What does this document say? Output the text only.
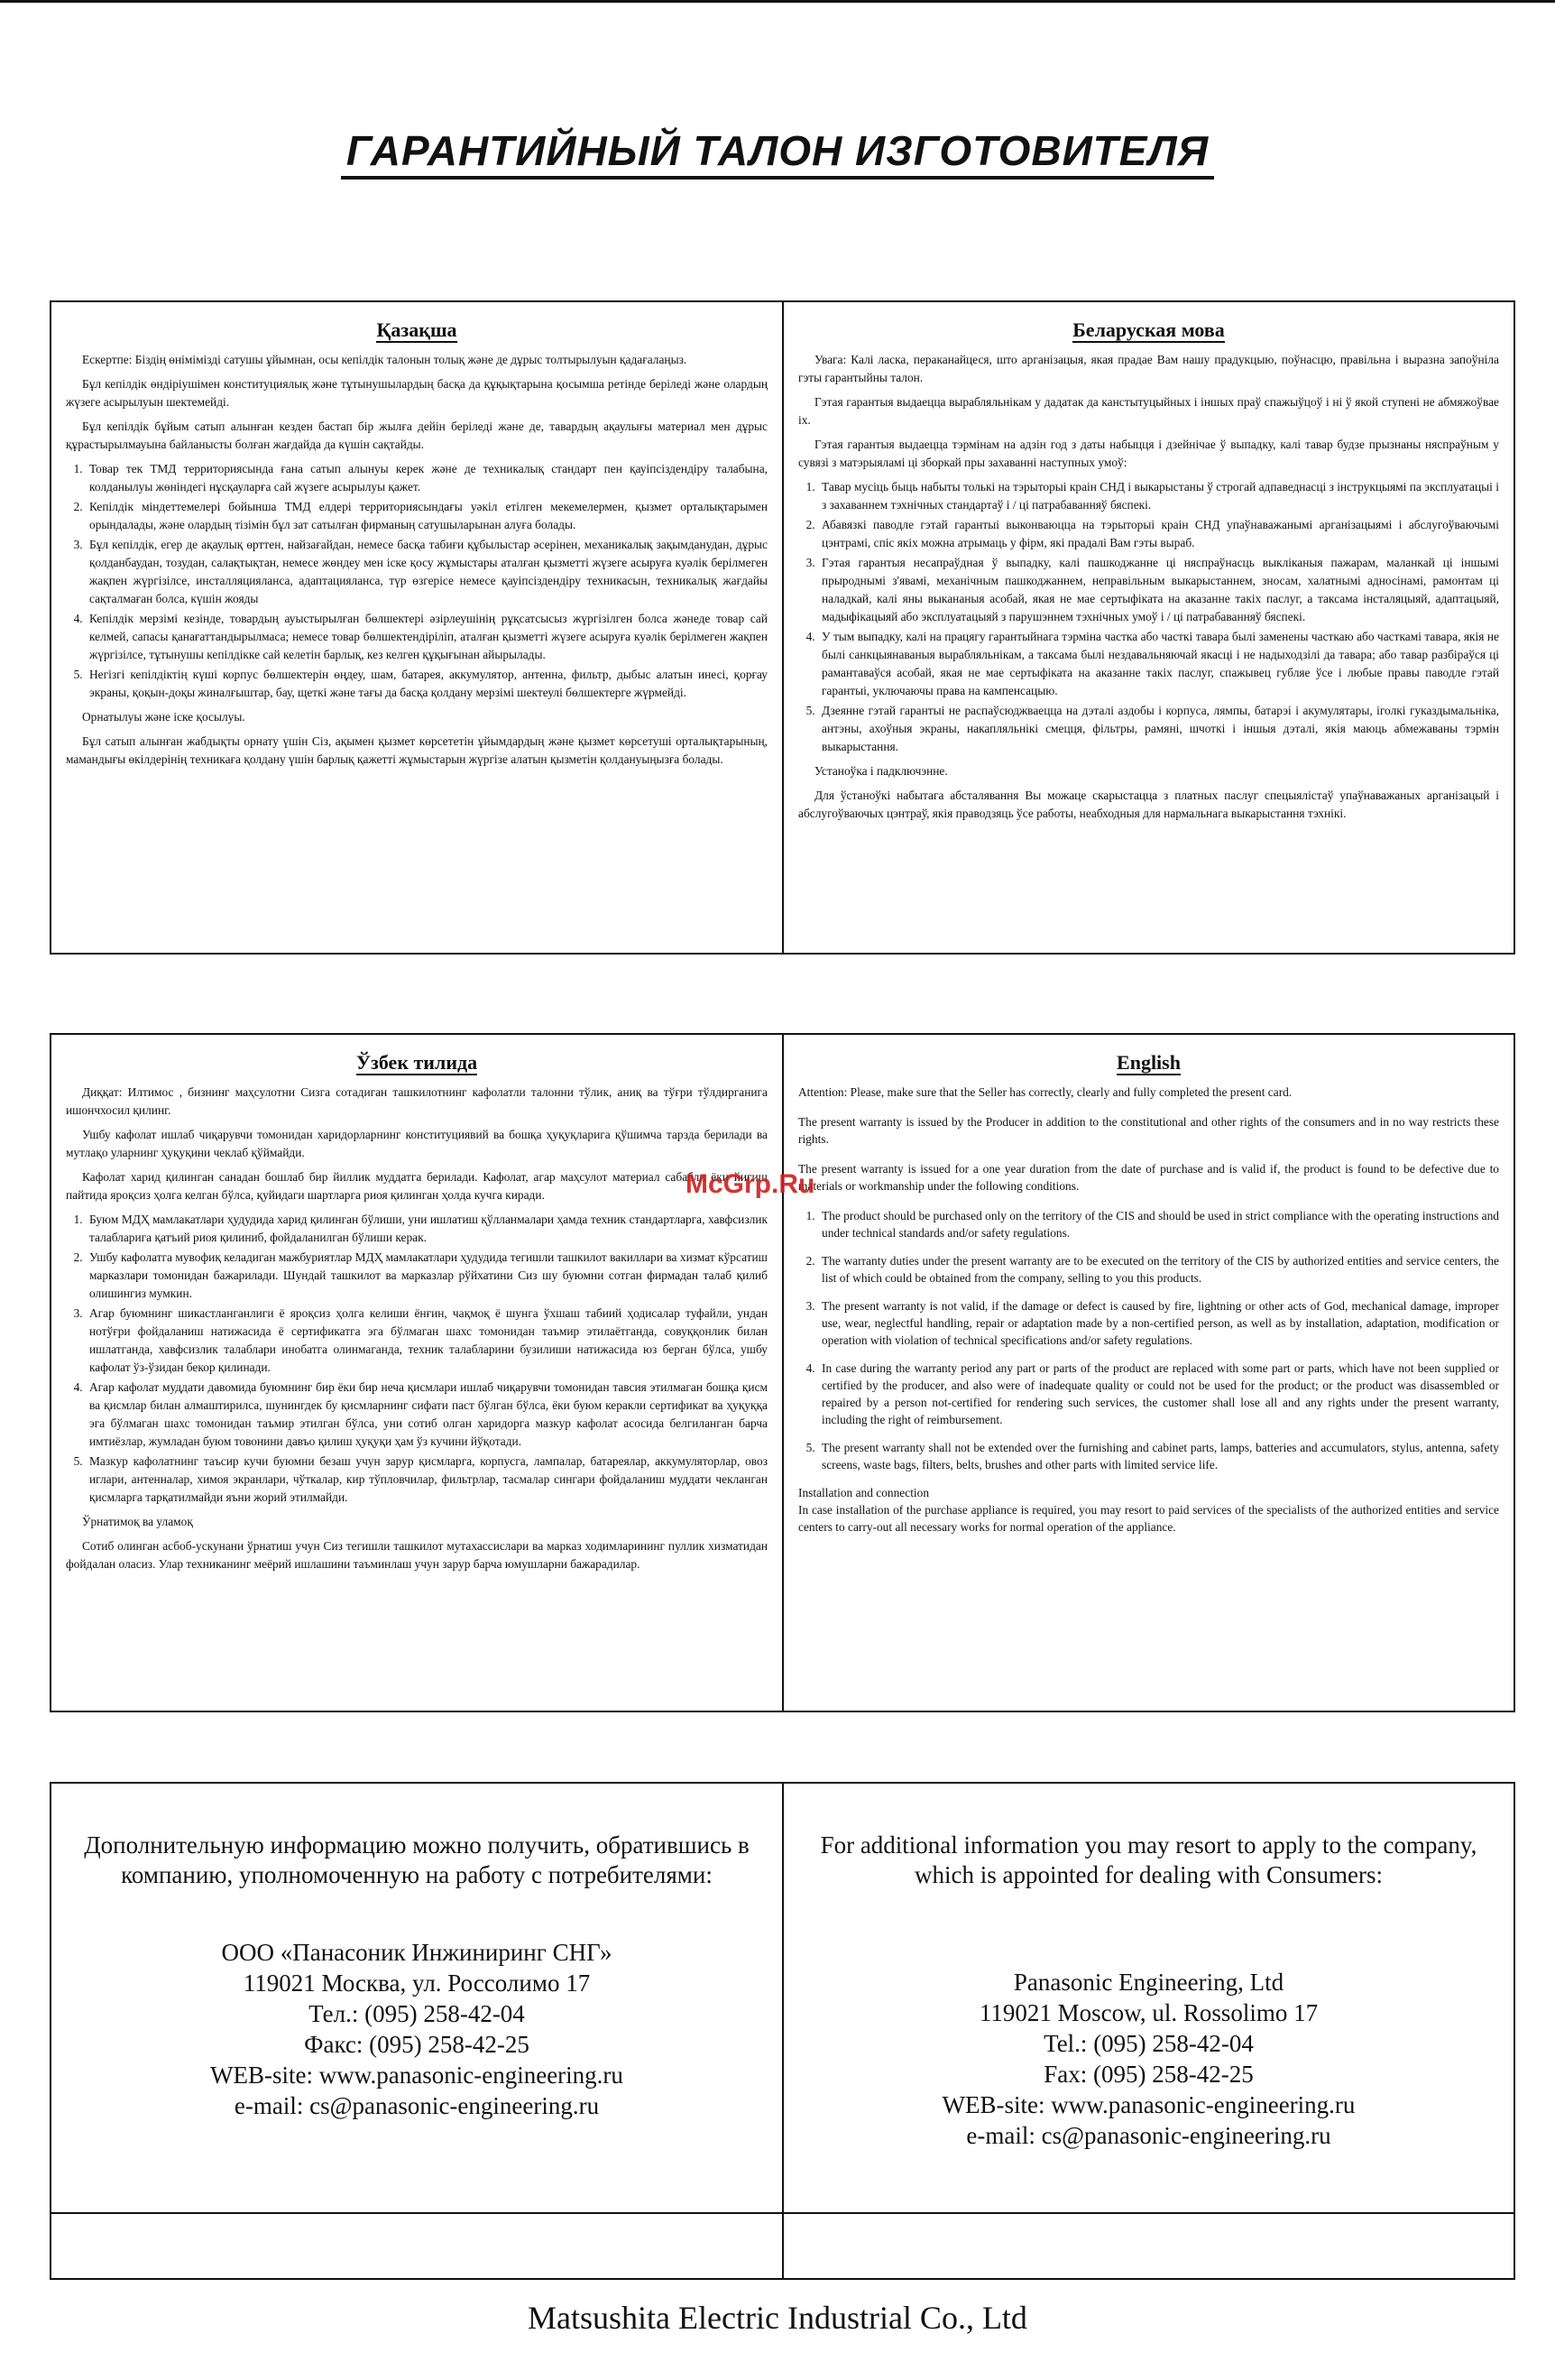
ГАРАНТИЙНЫЙ ТАЛОН ИЗГОТОВИТЕЛЯ
Қазақша

Ескертпе: Біздің өнімімізді сатушы ұйымнан, осы кепілдік талонын толық және де дұрыс толтырылуын қадағалаңыз.

Бұл кепілдік өндіріушімен конституциялық және тұтынушылардың басқа да құқықтарына қосымша ретінде беріледі және олардың жүзеге асырылуын шектемейді.

Бұл кепілдік бұйым сатып алынған кезден бастап бір жылға дейін беріледі және де, тавардың ақаулығы материал мен дұрыс құрастырылмауына байланысты болған жағдайда да күшін сақтайды.

1. Товар тек ТМД территориясында ғана сатып алынуы керек және де техникалық стандарт пен қауіпсіздендіру талабына, колданылуы жөніндегі нұсқауларға сай жүзеге асырылуы қажет.
2. Кепілдік міндеттемелері бойынша ТМД елдері территориясындағы уәкіл етілген мекемелермен, қызмет орталықтарымен орындалады, және олардың тізімін бұл зат сатылған фирманың сатушыларынан алуға болады.
3. Бұл кепілдік, егер де ақаулық өрттен, найзағайдан, немесе басқа табиғи құбылыстар әсерінен, механикалық зақымданудан, дұрыс қолданбаудан, тозудан, салақтықтан, немесе жөндеу мен іске қосу жұмыстары аталған қызметті жүзеге асыруға куәлік берілмеген жақпен жүргізілсе, инсталляцияланса, адаптацияланса, түр өзгерісе немесе қауіпсіздендіру техникасын, техникалық жағдайы сақталмаған болса, күшін жояды
4. Кепілдік мерзімі кезінде, товардың ауыстырылған бөлшектері әзірлеушінің рұқсатсысыз жүргізілген болса жәнеде товар сай келмей, сапасы қанағаттандырылмаса; немесе товар бөлшектендіріліп, аталған қызметті жүзеге асыруға куәлік берілмеген жақпен жүргізілсе, тұтынушы кепілдікке сай келетін барлық, кез келген құқығынан айырылады.
5. Негізгі кепілдіктің күші корпус бөлшектерін өңдеу, шам, батарея, аккумулятор, антенна, фильтр, дыбыс алатын инесі, қорғау экраны, қоқын-доқы жиналғыштар, бау, щеткі және тағы да басқа қолдану мерзімі шектеулі бөлшектерге жүрмейді.

Орнатылуы және іске қосылуы.

Бұл сатып алынған жабдықты орнату үшін Сіз, ақымен қызмет көрсететін ұйымдардың және қызмет көрсетуші орталықтарының, мамандығы өкілдерінің техникаға қолдану үшін барлық қажетті жұмыстарын жүргізе алатын қызметін қолдануыңызға болады.

Беларуская мова

Увага: Калі ласка, пераканайцеся, што арганізацыя, якая прадае Вам нашу прадукцыю, поўнасцю, правільна і выразна запоўніла гэты гарантыйны талон.

Гэтая гарантыя выдаецца вырабляльнікам у дадатак да канстытуцыйных і іншых праў спажыўцоў і ні ў якой ступені не абмяжоўвае іх.

Гэтая гарантыя выдаецца тэрмінам на адзін год з даты набыцця і дзейнічае ў выпадку, калі тавар будзе прызнаны няспраўным у сувязі з матэрыяламі ці зборкай пры захаванні наступных умоў:

1. Тавар мусіць быць набыты толькі на тэрыторыі краін СНД і выкарыстаны ў строгай адпаведнасці з інструкцыямі па эксплуатацыі і з захаваннем тэхнічных стандартаў і / ці патрабаванняў бяспекі.
2. Абавязкі паводле гэтай гарантыі выконваюцца на тэрыторыі краін СНД упаўнаважанымі арганізацыямі і абслугоўваючымі цэнтрамі, спіс якіх можна атрымаць у фірм, які прадалі Вам гэты выраб.
3. Гэтая гарантыя несапраўдная ў выпадку, калі пашкоджанне ці няспраўнасць выкліканыя пажарам, маланкай ці іншымі прыроднымі з'явамі, механічным пашкоджаннем, неправільным выкарыстаннем, зносам, халатнымі адносінамі, рамонтам ці наладкай, калі яны выкананыя асобай, якая не мае сертыфіката на аказанне такіх паслуг, а таксама інсталяцыяй, адаптацыяй, мадыфікацыяй або эксплуатацыяй з парушэннем тэхнічных умоў і / ці патрабаванняў бяспекі.
4. У тым выпадку, калі на працягу гарантыйнага тэрміна частка або часткі тавара былі заменены часткаю або часткамі тавара, якія не былі санкцыянаваныя вырабляльнікам, а таксама былі нездавальняючай якасці і не надыходзілі да тавара; або тавар разбіраўся ці рамантаваўся асобай, якая не мае сертыфіката на аказанне такіх паслуг, спажывец губляе ўсе і любые правы паводле гэтай гарантыі, уключаючы правa на кампенсацыю.
5. Дзеянне гэтай гарантыі не распаўсюджваецца на дэталі аздобы і корпуса, лямпы, батарэі і акумулятары, іголкі гуказдымальніка, антэны, ахоўныя экраны, накапляльнікі смецця, фільтры, рамяні, шчоткі і іншыя дэталі, якія маюць абмежаваны тэрмін выкарыстання.

Устаноўка і падключэнне.

Для ўстаноўкі набытага абсталявання Вы можаце скарыстацца з платных паслуг спецыялістаў упаўнаважаных арганізацый і абслугоўваючых цэнтраў, якія праводзяць ўсе работы, неабходныя для нармальнага выкарыстання тэхнікі.

Ўзбек тилида

Диққат: Илтимос , бизнинг маҳсулотни Сизга сотадиган ташкилотнинг кафолатли талонни тўлик, аниқ ва тўғри тўлдирганига ишончхосил қилинг.

Ушбу кафолат ишлаб чиқарувчи томонидан харидорларнинг конституциявий ва бошқа ҳуқуқларига қўшимча тарзда берилади ва мутлақо уларнинг ҳуқуқини чеклаб қўймайди.

Кафолат харид қилинган санадан бошлаб бир йиллик муддатга берилади. Кафолат, агар маҳсулот материал сабабли ёки йиғиш пайтида яроқсиз ҳолга келган бўлса, қуйидаги шартларга риоя қилинган ҳолда кучга киради.

1. Буюм МДҲ мамлакатлари ҳудудида харид қилинган бўлиши, уни ишлатиш қўлланмалари ҳамда техник стандартларга, хавфсизлик талабларига қатъий риоя қилиниб, фойдаланилган бўлиши керак.
2. Ушбу кафолатга мувофиқ келадиган мажбуриятлар МДҲ мамлакатлари ҳудудида тегишли ташкилот вакиллари ва хизмат кўрсатиш марказлари томонидан бажарилади. Шундай ташкилот ва марказлар рўйхатини Сиз шу буюмни сотган фирмадан талаб қилиб олишингиз мумкин.
3. Агар буюмнинг шикастланганлиги ё яроқсиз ҳолга келиши ёнғин, чақмоқ ё шунга ўхшаш табиий ҳодисалар туфайли, ундан нотўғри фойдаланиш натижасида ё сертификатга эга бўлмаган шахс томонидан таъмир этилаётганда, совуққонлик билан ишлатганда, хавфсизлик талаблари инобатга олинмаганда, техник талабларини бузилиши натижасида юз берган бўлса, ушбу кафолат ўз-ўзидан бекор қилинади.
4. Агар кафолат муддати давомида буюмнинг бир ёки бир неча қисмлари ишлаб чиқарувчи томонидан тавсия этилмаган бошқа қисм ва қисмлар билан алмаштирилса, шунингдек бу қисмларнинг сифати паст бўлган бўлса, ёки буюм керакли сертификат ва ҳуқуққа эга бўлмаган шахс томонидан таъмир этилган бўлса, уни сотиб олган харидорга мазкур кафолат асосида белгиланган барча имтиёзлар, жумладан буюм товонини давъо қилиш ҳуқуқи ҳам ўз кучини йўқотади.
5. Мазкур кафолатнинг таъсир кучи буюмни безаш учун зарур қисмларга, корпусга, лампалар, батареялар, аккумуляторлар, овоз иглари, антенналар, химоя экранлари, чўткалар, кир тўпловчилар, фильтрлар, тасмалар сингари фойдаланиш муддати чекланган қисмларга тарқатилмайди яъни жорий этилмайди.

Ўрнатимоқ ва уламоқ

Сотиб олинган асбоб-ускунани ўрнатиш учун Сиз тегишли ташкилот мутахассислари ва марказ ходимларининг пуллик хизматидан фойдалан оласиз. Улар техниканинг меёрий ишлашини таъминлаш учун зарур барча юмушларни бажарадилар.

English

Attention: Please, make sure that the Seller has correctly, clearly and fully completed the present card.

The present warranty is issued by the Producer in addition to the constitutional and other rights of the consumers and in no way restricts these rights.

The present warranty is issued for a one year duration from the date of purchase and is valid if, the product is found to be defective due to materials or workmanship under the following conditions.

1. The product should be purchased only on the territory of the CIS and should be used in strict compliance with the operating instructions and under technical standards and/or safety regulations.
2. The warranty duties under the present warranty are to be executed on the territory of the CIS by authorized entities and service centers, the list of which could be obtained from the company, selling to you this products.
3. The present warranty is not valid, if the damage or defect is caused by fire, lightning or other acts of God, mechanical damage, improper use, wear, neglectful handling, repair or adaptation made by a non-certified person, as well as by installation, adaptation, modification or operation with violation of technical specifications and/or safety regulations.
4. In case during the warranty period any part or parts of the product are replaced with some part or parts, which have not been supplied or certified by the producer, and also were of inadequate quality or could not be used for the product; or the product was disassembled or repaired by a person not-certified for rendering such services, the customer shall lose all and any rights under the present warranty, including the right of reimbursement.
5. The present warranty shall not be extended over the furnishing and cabinet parts, lamps, batteries and accumulators, stylus, antenna, safety screens, waste bags, filters, belts, brushes and other parts with limited service life.

Installation and connection

In case installation of the purchase appliance is required, you may resort to paid services of the specialists of the authorized entities and service centers to carry-out all necessary works for normal operation of the appliance.

McGrp.Ru
Дополнительную информацию можно получить, обратившись в компанию, уполномоченную на работу с потребителями:
ООО «Панасоник Инжиниринг СНГ»
119021 Москва, ул. Россолимо 17
Тел.: (095) 258-42-04
Факс: (095) 258-42-25
WEB-site: www.panasonic-engineering.ru
e-mail: cs@panasonic-engineering.ru
For additional information you may resort to apply to the company, which is appointed for dealing with Consumers:
Panasonic Engineering, Ltd
119021 Moscow, ul. Rossolimo 17
Tel.: (095) 258-42-04
Fax: (095) 258-42-25
WEB-site: www.panasonic-engineering.ru
e-mail: cs@panasonic-engineering.ru
Matsushita Electric Industrial Co., Ltd
